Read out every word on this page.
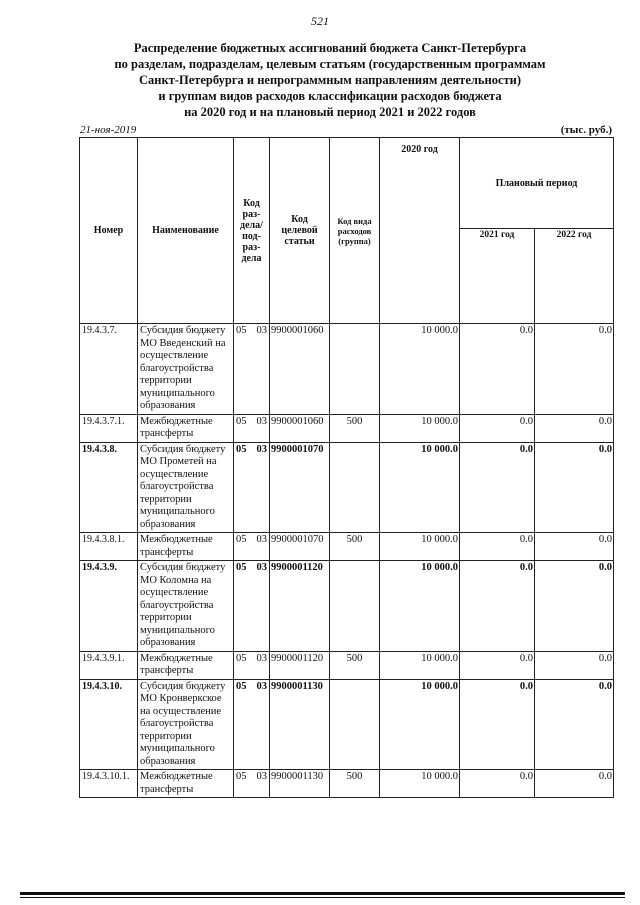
521
Распределение бюджетных ассигнований бюджета Санкт-Петербурга
по разделам, подразделам, целевым статьям (государственным программам
Санкт-Петербурга и непрограммным направлениям деятельности)
и группам видов расходов классификации расходов бюджета
на 2020 год и на плановый период 2021 и 2022 годов
21-ноя-2019	(тыс. руб.)
Номер	Наименование	Код раз-дела/ под-раз-дела	Код целевой статьи	Код вида расходов (группа)	2020 год	Плановый период	
						2021 год	2022 год
19.4.3.7.	Субсидия бюджету МО Введенский на осуществление благоустройства территории муниципального образования	05 03	9900001060		10 000.0	0.0	0.0
19.4.3.7.1.	Межбюджетные трансферты	05 03	9900001060	500	10 000.0	0.0	0.0
19.4.3.8.	Субсидия бюджету МО Прометей на осуществление благоустройства территории муниципального образования	05 03	9900001070		10 000.0	0.0	0.0
19.4.3.8.1.	Межбюджетные трансферты	05 03	9900001070	500	10 000.0	0.0	0.0
19.4.3.9.	Субсидия бюджету МО Коломна на осуществление благоустройства территории муниципального образования	05 03	9900001120		10 000.0	0.0	0.0
19.4.3.9.1.	Межбюджетные трансферты	05 03	9900001120	500	10 000.0	0.0	0.0
19.4.3.10.	Субсидия бюджету МО Кронверкское на осуществление благоустройства территории муниципального образования	05 03	9900001130		10 000.0	0.0	0.0
19.4.3.10.1.	Межбюджетные трансферты	05 03	9900001130	500	10 000.0	0.0	0.0
